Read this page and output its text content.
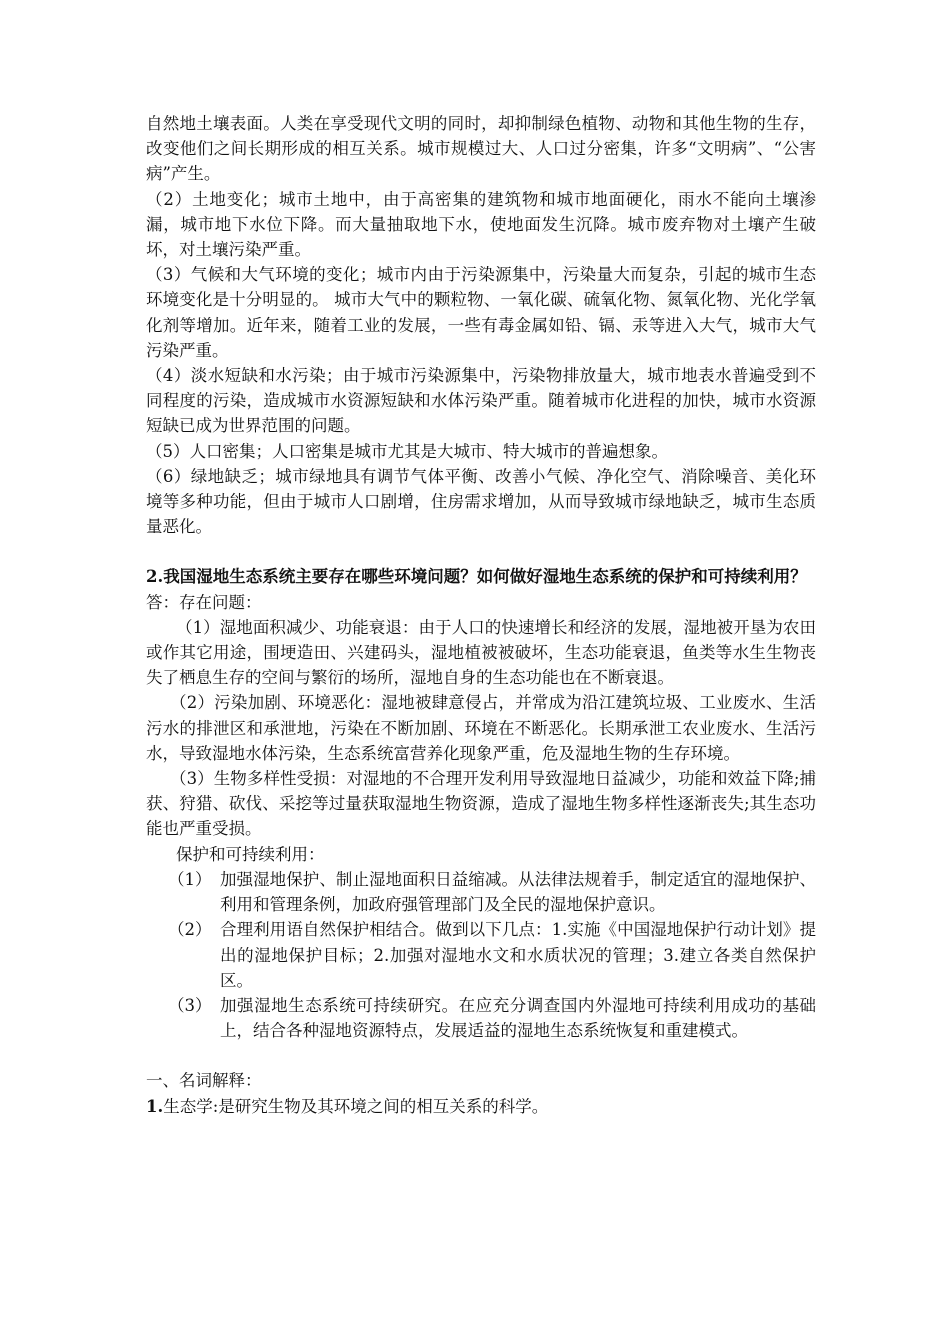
自然地土壤表面。人类在享受现代文明的同时，却抑制绿色植物、动物和其他生物的生存，改变他们之间长期形成的相互关系。城市规模过大、人口过分密集，许多“文明病”、“公害病”产生。

（2）土地变化；城市土地中，由于高密集的建筑物和城市地面硬化，雨水不能向土壤渗漏，城市地下水位下降。而大量抽取地下水，使地面发生沉降。城市废弃物对土壤产生破坏，对土壤污染严重。

（3）气候和大气环境的变化；城市内由于污染源集中，污染量大而复杂，引起的城市生态环境变化是十分明显的。 城市大气中的颗粒物、一氧化碳、硫氧化物、氮氧化物、光化学氧化剂等增加。近年来，随着工业的发展，一些有毒金属如铅、镉、汞等进入大气，城市大气污染严重。

（4）淡水短缺和水污染；由于城市污染源集中，污染物排放量大，城市地表水普遍受到不同程度的污染，造成城市水资源短缺和水体污染严重。随着城市化进程的加快，城市水资源短缺已成为世界范围的问题。

（5）人口密集；人口密集是城市尤其是大城市、特大城市的普遍想象。

（6）绿地缺乏；城市绿地具有调节气体平衡、改善小气候、净化空气、消除噪音、美化环境等多种功能，但由于城市人口剧增，住房需求增加，从而导致城市绿地缺乏，城市生态质量恶化。

2.我国湿地生态系统主要存在哪些环境问题？如何做好湿地生态系统的保护和可持续利用？

答：存在问题：

（1）湿地面积减少、功能衰退：由于人口的快速增长和经济的发展，湿地被开垦为农田或作其它用途，围埂造田、兴建码头，湿地植被被破坏，生态功能衰退，鱼类等水生生物丧失了栖息生存的空间与繁衍的场所，湿地自身的生态功能也在不断衰退。

（2）污染加剧、环境恶化：湿地被肆意侵占，并常成为沿江建筑垃圾、工业废水、生活污水的排泄区和承泄地，污染在不断加剧、环境在不断恶化。长期承泄工农业废水、生活污水，导致湿地水体污染，生态系统富营养化现象严重，危及湿地生物的生存环境。

（3）生物多样性受损：对湿地的不合理开发利用导致湿地日益减少，功能和效益下降;捕获、狩猎、砍伐、采挖等过量获取湿地生物资源，造成了湿地生物多样性逐渐丧失;其生态功能也严重受损。

保护和可持续利用：

（1） 加强湿地保护、制止湿地面积日益缩减。从法律法规着手，制定适宜的湿地保护、利用和管理条例，加政府强管理部门及全民的湿地保护意识。
（2） 合理利用语自然保护相结合。做到以下几点：1.实施《中国湿地保护行动计划》提出的湿地保护目标；2.加强对湿地水文和水质状况的管理；3.建立各类自然保护区。
（3） 加强湿地生态系统可持续研究。在应充分调查国内外湿地可持续利用成功的基础上，结合各种湿地资源特点，发展适益的湿地生态系统恢复和重建模式。

一、名词解释：

1.生态学:是研究生物及其环境之间的相互关系的科学。
